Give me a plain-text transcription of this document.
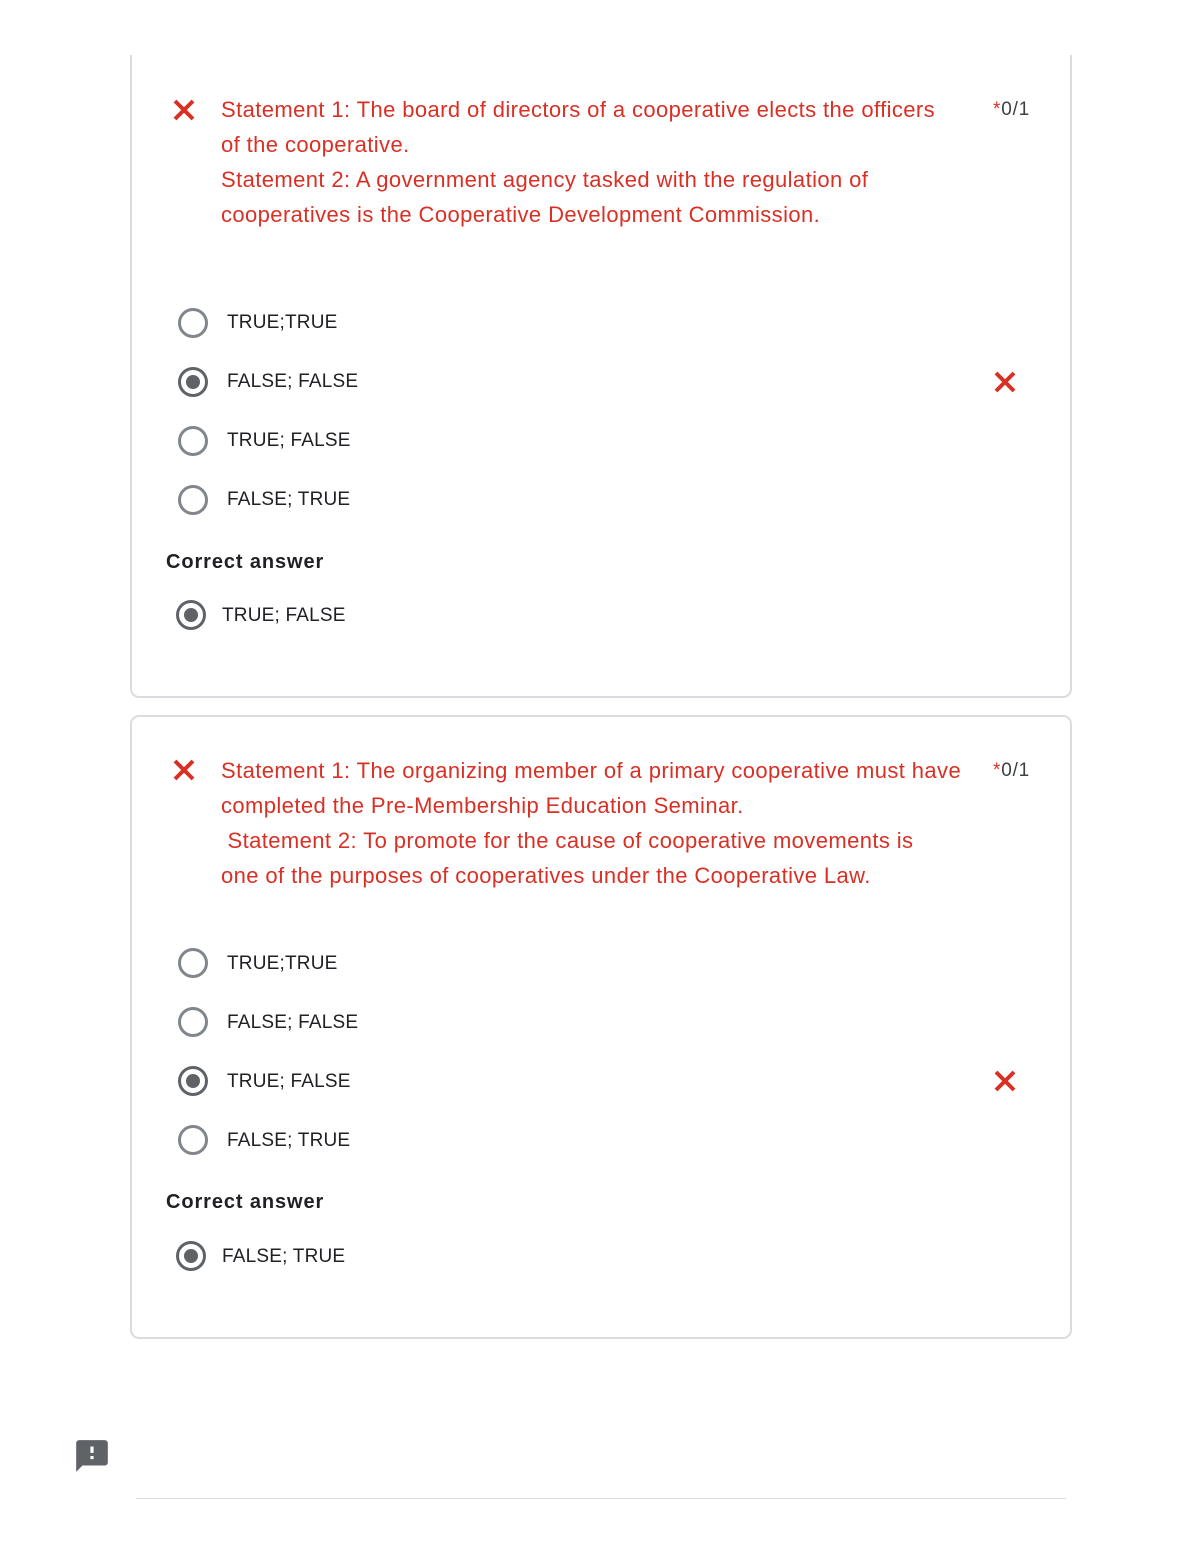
Statement 1: The board of directors of a cooperative elects the officers
of the cooperative.
Statement 2: A government agency tasked with the regulation of
cooperatives is the Cooperative Development Commission.
*0/1
TRUE;TRUE
FALSE; FALSE
TRUE; FALSE
FALSE; TRUE
Correct answer
TRUE; FALSE
Statement 1: The organizing member of a primary cooperative must have
completed the Pre-Membership Education Seminar.
Statement 2: To promote for the cause of cooperative movements is
one of the purposes of cooperatives under the Cooperative Law.
*0/1
TRUE;TRUE
FALSE; FALSE
TRUE; FALSE
FALSE; TRUE
Correct answer
FALSE; TRUE
